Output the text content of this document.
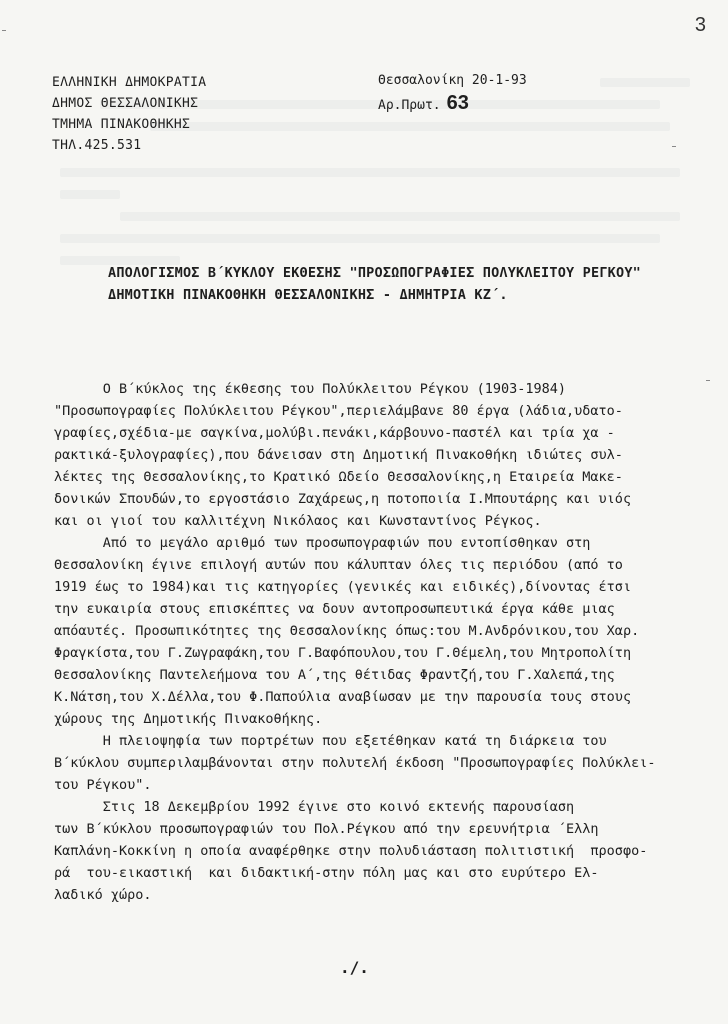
3
ΕΛΛΗΝΙΚΗ ΔΗΜΟΚΡΑΤΙΑ
ΔΗΜΟΣ ΘΕΣΣΑΛΟΝΙΚΗΣ
ΤΜΗΜΑ ΠΙΝΑΚΟΘΗΚΗΣ
ΤΗΛ.425.531
Θεσσαλονίκη 20-1-93
Αρ.Πρωτ. 63
ΑΠΟΛΟΓΙΣΜΟΣ Β΄ΚΥΚΛΟΥ ΕΚΘΕΣΗΣ "ΠΡΟΣΩΠΟΓΡΑΦΙΕΣ ΠΟΛΥΚΛΕΙΤΟΥ ΡΕΓΚΟΥ"
ΔΗΜΟΤΙΚΗ ΠΙΝΑΚΟΘΗΚΗ ΘΕΣΣΑΛΟΝΙΚΗΣ - ΔΗΜΗΤΡΙΑ ΚΖ΄.
Ο Β΄κύκλος της έκθεσης του Πολύκλειτου Ρέγκου (1903-1984)
"Προσωπογραφίες Πολύκλειτου Ρέγκου",περιελάμβανε 80 έργα (λάδια,υδατο-
γραφίες,σχέδια-με σαγκίνα,μολύβι.πενάκι,κάρβουνο-παστέλ και τρία χα -
ρακτικά-ξυλογραφίες),που δάνεισαν στη Δημοτική Πινακοθήκη ιδιώτες συλ-
λέκτες της Θεσσαλονίκης,το Κρατικό Ωδείο Θεσσαλονίκης,η Εταιρεία Μακε-
δονικών Σπουδών,το εργοστάσιο Ζαχάρεως,η ποτοποιία Ι.Μπουτάρης και υιός
και οι γιοί του καλλιτέχνη Νικόλαος και Κωνσταντίνος Ρέγκος.
Από το μεγάλο αριθμό των προσωπογραφιών που εντοπίσθηκαν στη
Θεσσαλονίκη έγινε επιλογή αυτών που κάλυπταν όλες τις περιόδου (από το
1919 έως το 1984)και τις κατηγορίες (γενικές και ειδικές),δίνοντας έτσι
την ευκαιρία στους επισκέπτες να δουν αντοπροσωπευτικά έργα κάθε μιας
απόαυτές. Προσωπικότητες της Θεσσαλονίκης όπως:του Μ.Ανδρόνικου,του Χαρ.
Φραγκίστα,του Γ.Ζωγραφάκη,του Γ.Βαφόπουλου,του Γ.Θέμελη,του Μητροπολίτη
Θεσσαλονίκης Παντελεήμονα του Α΄,της θέτιδας Φραντζή,του Γ.Χαλεπά,της
Κ.Νάτση,του Χ.Δέλλα,του Φ.Παπούλια αναβίωσαν με την παρουσία τους στους
χώρους της Δημοτικής Πινακοθήκης.
Η πλειοψηφία των πορτρέτων που εξετέθηκαν κατά τη διάρκεια του
Β΄κύκλου συμπεριλαμβάνονται στην πολυτελή έκδοση "Προσωπογραφίες Πολύκλει-
του Ρέγκου".
Στις 18 Δεκεμβρίου 1992 έγινε στο κοινό εκτενής παρουσίαση
των Β΄κύκλου προσωπογραφιών του Πολ.Ρέγκου από την ερευνήτρια ΄Ελλη
Καπλάνη-Κοκκίνη η οποία αναφέρθηκε στην πολυδιάσταση πολιτιστική  προσφο-
ρά  του-εικαστική  και διδακτική-στην πόλη μας και στο ευρύτερο Ελ-
λαδικό χώρο.
./.
